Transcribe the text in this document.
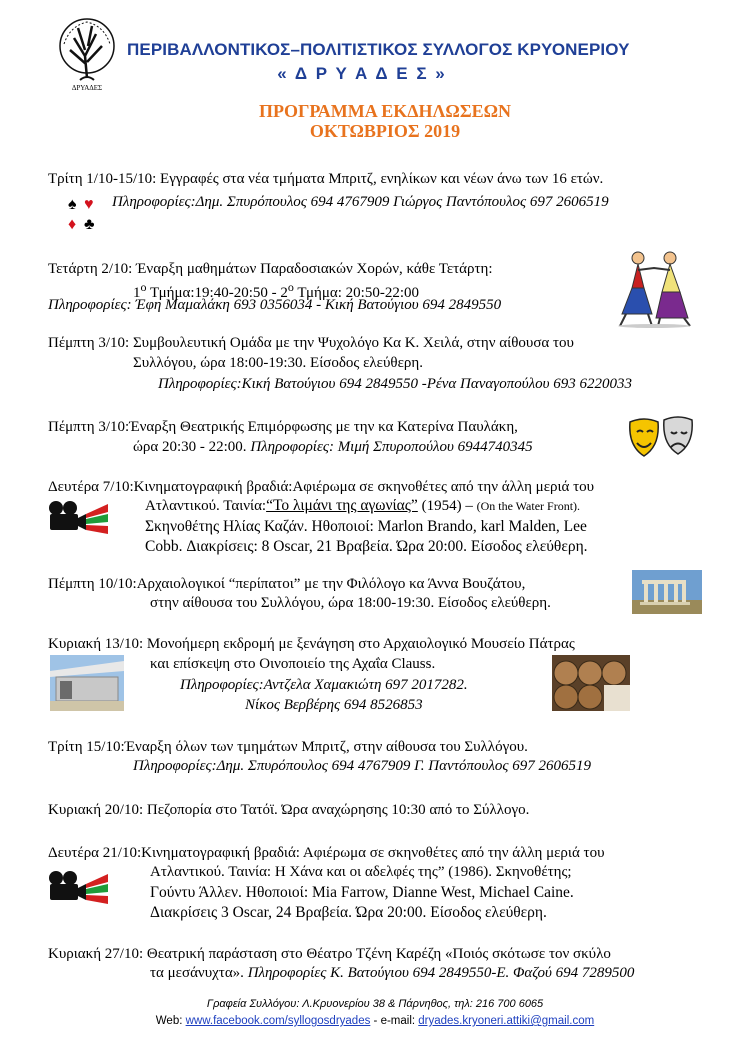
ΔΡΥΑΔΕΣ
ΠΕΡΙΒΑΛΛΟΝΤΙΚΟΣ–ΠΟΛΙΤΙΣΤΙΚΟΣ ΣΥΛΛΟΓΟΣ ΚΡΥΟΝΕΡΙΟΥ
« Δ Ρ Υ Α Δ Ε Σ »
ΠΡΟΓΡΑΜΜΑ ΕΚΔΗΛΩΣΕΩΝ
ΟΚΤΩΒΡΙΟΣ 2019
Τρίτη 1/10-15/10: Εγγραφές στα νέα τμήματα Μπριτζ, ενηλίκων και νέων άνω των 16 ετών.
♠ ♥
♦ ♣
Πληροφορίες:Δημ. Σπυρόπουλος 694 4767909 Γιώργος Παντόπουλος 697 2606519
Τετάρτη 2/10: Έναρξη μαθημάτων Παραδοσιακών Χορών, κάθε Τετάρτη:
$1^o$ Τμήμα:19:40-20:50 - $2^o$ Τμήμα: 20:50-22:00
Πληροφορίες: Έφη Μαμαλάκη 693 0356034 - Κική Βατούγιου 694 2849550
Πέμπτη 3/10: Συμβουλευτική Ομάδα με την Ψυχολόγο Κα Κ. Χειλά, στην αίθουσα του
Συλλόγου, ώρα 18:00-19:30. Είσοδος ελεύθερη.
Πληροφορίες:Κική Βατούγιου 694 2849550 -Ρένα Παναγοπούλου 693 6220033
Πέμπτη 3/10:Έναρξη Θεατρικής Επιμόρφωσης με την κα Κατερίνα Παυλάκη,
ώρα 20:30 - 22:00. Πληροφορίες: Μιμή Σπυροπούλου 6944740345
Δευτέρα 7/10:Κινηματογραφική βραδιά:Αφιέρωμα σε σκηνοθέτες από την άλλη μεριά του
Ατλαντικού. Ταινία:“Το λιμάνι της αγωνίας” (1954) – (On the Water Front).
Σκηνοθέτης Ηλίας Καζάν. Ηθοποιοί: Marlon Brando, karl Malden, Lee
Cobb. Διακρίσεις: 8 Oscar, 21 Βραβεία. Ώρα 20:00. Είσοδος ελεύθερη.
Πέμπτη 10/10:Αρχαιολογικοί “περίπατοι” με την Φιλόλογο κα Άννα Βουζάτου,
στην αίθουσα του Συλλόγου, ώρα 18:00-19:30. Είσοδος ελεύθερη.
Κυριακή 13/10: Μονοήμερη εκδρομή με ξενάγηση στο Αρχαιολογικό Μουσείο Πάτρας
και επίσκεψη στο Οινοποιείο της Αχαΐα Clauss.
Πληροφορίες:Αντζελα Χαμακιώτη 697 2017282.
Νίκος Βερβέρης 694 8526853
Τρίτη 15/10:Έναρξη όλων των τμημάτων Μπριτζ, στην αίθουσα του Συλλόγου.
Πληροφορίες:Δημ. Σπυρόπουλος 694 4767909 Γ. Παντόπουλος 697 2606519
Κυριακή 20/10: Πεζοπορία στο Τατόϊ. Ώρα αναχώρησης 10:30 από το Σύλλογο.
Δευτέρα 21/10:Κινηματογραφική βραδιά: Αφιέρωμα σε σκηνοθέτες από την άλλη μεριά του
Ατλαντικού. Ταινία: Η Χάνα και οι αδελφές της” (1986). Σκηνοθέτης;
Γούντυ Άλλεν. Ηθοποιοί: Mia Farrow, Dianne West, Michael Caine.
Διακρίσεις 3 Oscar, 24 Βραβεία. Ώρα 20:00. Είσοδος ελεύθερη.
Κυριακή 27/10: Θεατρική παράσταση στο Θέατρο Τζένη Καρέζη «Ποιός σκότωσε τον σκύλο
τα μεσάνυχτα». Πληροφορίες Κ. Βατούγιου 694 2849550-Ε. Φαζού 694 7289500
Γραφεία Συλλόγου: Λ.Κρυονερίου 38 & Πάρνηθος, τηλ: 216 700 6065
Web: www.facebook.com/syllogosdryades - e-mail: dryades.kryoneri.attiki@gmail.com
